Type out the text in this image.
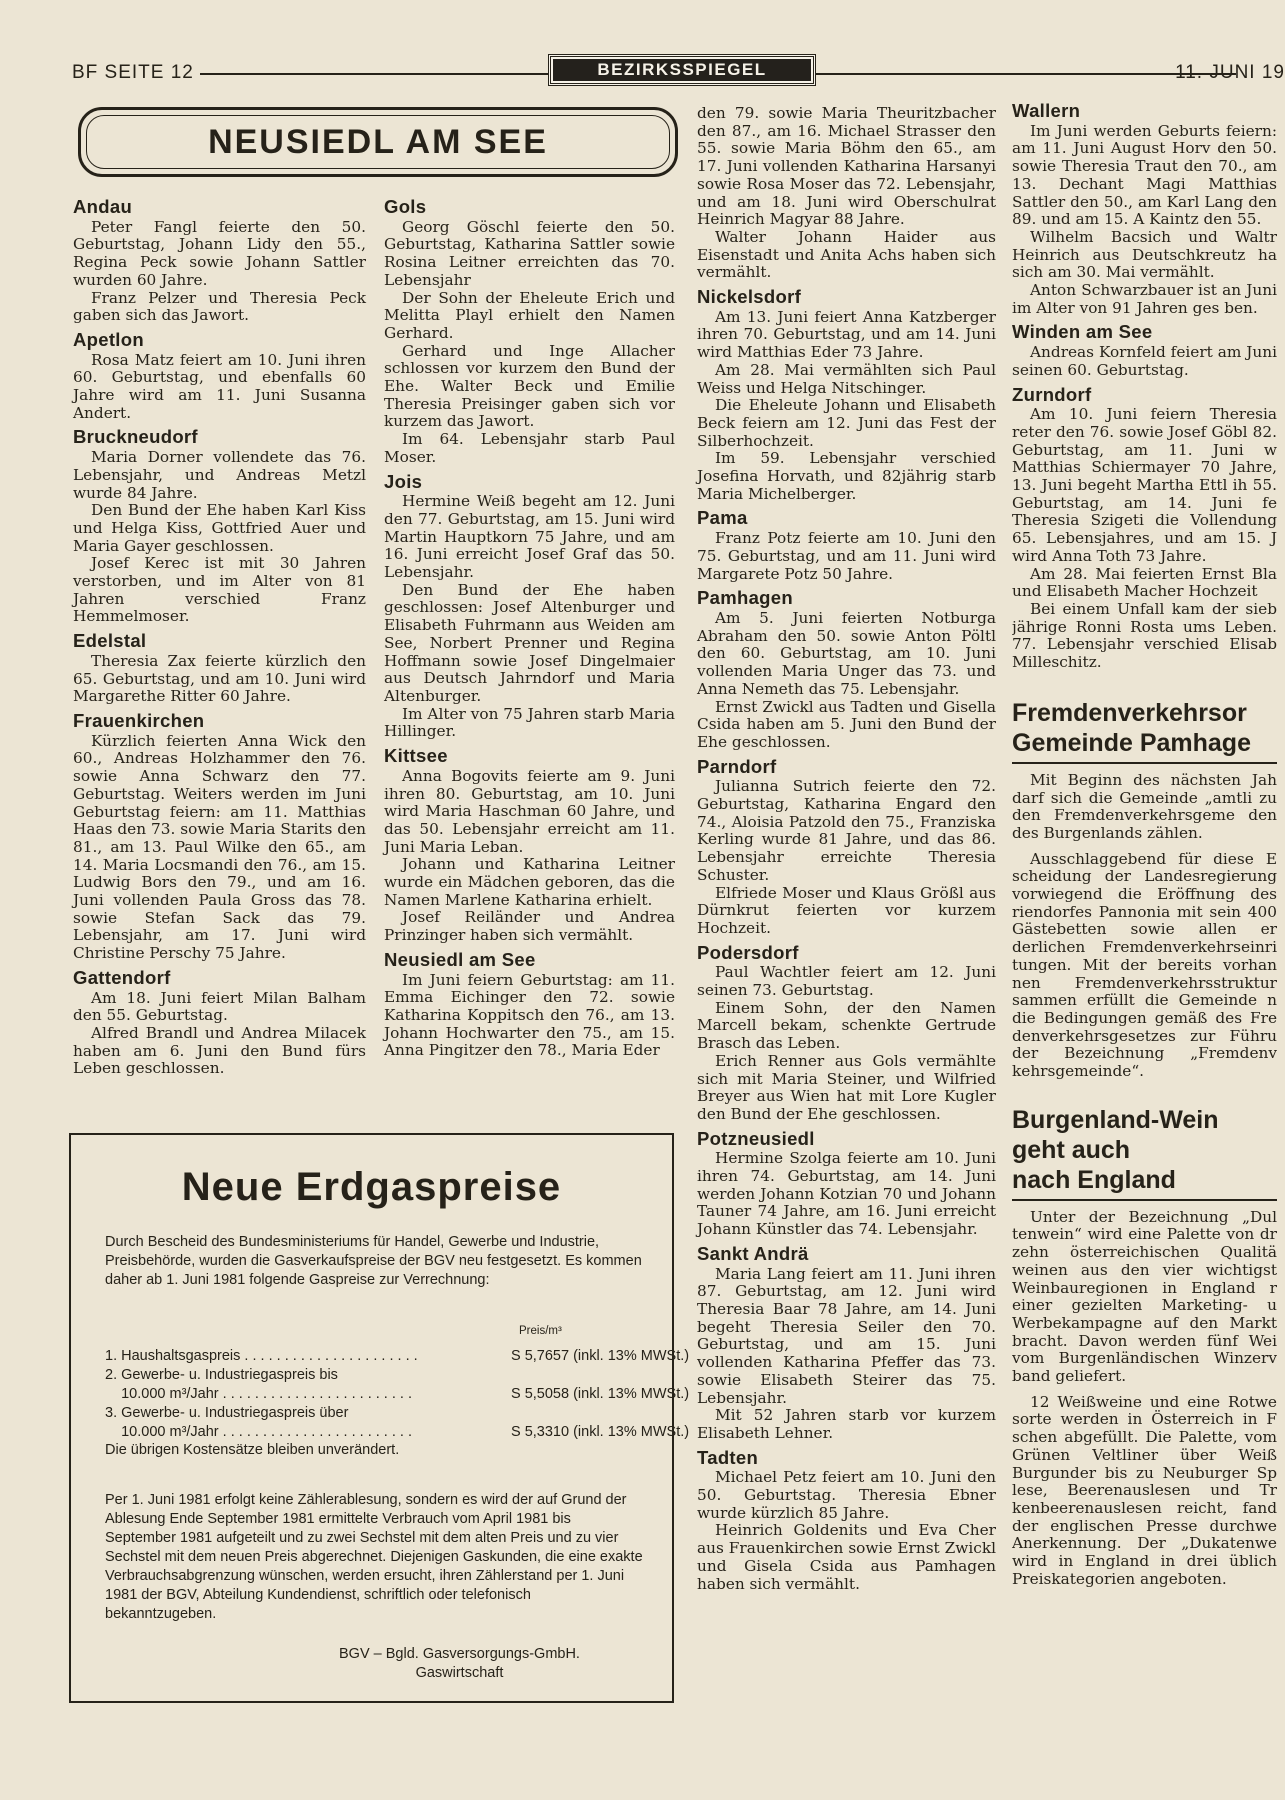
BF SEITE 12	BEZIRKSSPIEGEL	11. JUNI 19
NEUSIEDL AM SEE
Andau

Peter Fangl feierte den 50. Geburtstag, Johann Lidy den 55., Regina Peck sowie Johann Sattler wurden 60 Jahre.

Franz Pelzer und Theresia Peck gaben sich das Jawort.

Apetlon

Rosa Matz feiert am 10. Juni ihren 60. Geburtstag, und ebenfalls 60 Jahre wird am 11. Juni Susanna Andert.

Bruckneudorf

Maria Dorner vollendete das 76. Lebensjahr, und Andreas Metzl wurde 84 Jahre.

Den Bund der Ehe haben Karl Kiss und Helga Kiss, Gottfried Auer und Maria Gayer geschlossen.

Josef Kerec ist mit 30 Jahren verstorben, und im Alter von 81 Jahren verschied Franz Hemmelmoser.

Edelstal

Theresia Zax feierte kürzlich den 65. Geburtstag, und am 10. Juni wird Margarethe Ritter 60 Jahre.

Frauenkirchen

Kürzlich feierten Anna Wick den 60., Andreas Holzhammer den 76. sowie Anna Schwarz den 77. Geburtstag. Weiters werden im Juni Geburtstag feiern: am 11. Matthias Haas den 73. sowie Maria Starits den 81., am 13. Paul Wilke den 65., am 14. Maria Locsmandi den 76., am 15. Ludwig Bors den 79., und am 16. Juni vollenden Paula Gross das 78. sowie Stefan Sack das 79. Lebensjahr, am 17. Juni wird Christine Perschy 75 Jahre.

Gattendorf

Am 18. Juni feiert Milan Balham den 55. Geburtstag.

Alfred Brandl und Andrea Milacek haben am 6. Juni den Bund fürs Leben geschlossen.

Gols

Georg Göschl feierte den 50. Geburtstag, Katharina Sattler sowie Rosina Leitner erreichten das 70. Lebensjahr

Der Sohn der Eheleute Erich und Melitta Playl erhielt den Namen Gerhard.

Gerhard und Inge Allacher schlossen vor kurzem den Bund der Ehe. Walter Beck und Emilie Theresia Preisinger gaben sich vor kurzem das Jawort.

Im 64. Lebensjahr starb Paul Moser.

Jois

Hermine Weiß begeht am 12. Juni den 77. Geburtstag, am 15. Juni wird Martin Hauptkorn 75 Jahre, und am 16. Juni erreicht Josef Graf das 50. Lebensjahr.

Den Bund der Ehe haben geschlossen: Josef Altenburger und Elisabeth Fuhrmann aus Weiden am See, Norbert Prenner und Regina Hoffmann sowie Josef Dingelmaier aus Deutsch Jahrndorf und Maria Altenburger.

Im Alter von 75 Jahren starb Maria Hillinger.

Kittsee

Anna Bogovits feierte am 9. Juni ihren 80. Geburtstag, am 10. Juni wird Maria Haschman 60 Jahre, und das 50. Lebensjahr erreicht am 11. Juni Maria Leban.

Johann und Katharina Leitner wurde ein Mädchen geboren, das die Namen Marlene Katharina erhielt.

Josef Reiländer und Andrea Prinzinger haben sich vermählt.

Neusiedl am See

Im Juni feiern Geburtstag: am 11. Emma Eichinger den 72. sowie Katharina Koppitsch den 76., am 13. Johann Hochwarter den 75., am 15. Anna Pingitzer den 78., Maria Eder

den 79. sowie Maria Theuritzbacher den 87., am 16. Michael Strasser den 55. sowie Maria Böhm den 65., am 17. Juni vollenden Katharina Harsanyi sowie Rosa Moser das 72. Lebensjahr, und am 18. Juni wird Oberschulrat Heinrich Magyar 88 Jahre.

Walter Johann Haider aus Eisenstadt und Anita Achs haben sich vermählt.

Nickelsdorf

Am 13. Juni feiert Anna Katzberger ihren 70. Geburtstag, und am 14. Juni wird Matthias Eder 73 Jahre.

Am 28. Mai vermählten sich Paul Weiss und Helga Nitschinger.

Die Eheleute Johann und Elisabeth Beck feiern am 12. Juni das Fest der Silberhochzeit.

Im 59. Lebensjahr verschied Josefina Horvath, und 82jährig starb Maria Michelberger.

Pama

Franz Potz feierte am 10. Juni den 75. Geburtstag, und am 11. Juni wird Margarete Potz 50 Jahre.

Pamhagen

Am 5. Juni feierten Notburga Abraham den 50. sowie Anton Pöltl den 60. Geburtstag, am 10. Juni vollenden Maria Unger das 73. und Anna Nemeth das 75. Lebensjahr.

Ernst Zwickl aus Tadten und Gisella Csida haben am 5. Juni den Bund der Ehe geschlossen.

Parndorf

Julianna Sutrich feierte den 72. Geburtstag, Katharina Engard den 74., Aloisia Patzold den 75., Franziska Kerling wurde 81 Jahre, und das 86. Lebensjahr erreichte Theresia Schuster.

Elfriede Moser und Klaus Größl aus Dürnkrut feierten vor kurzem Hochzeit.

Podersdorf

Paul Wachtler feiert am 12. Juni seinen 73. Geburtstag.

Einem Sohn, der den Namen Marcell bekam, schenkte Gertrude Brasch das Leben.

Erich Renner aus Gols vermählte sich mit Maria Steiner, und Wilfried Breyer aus Wien hat mit Lore Kugler den Bund der Ehe geschlossen.

Potzneusiedl

Hermine Szolga feierte am 10. Juni ihren 74. Geburtstag, am 14. Juni werden Johann Kotzian 70 und Johann Tauner 74 Jahre, am 16. Juni erreicht Johann Künstler das 74. Lebensjahr.

Sankt Andrä

Maria Lang feiert am 11. Juni ihren 87. Geburtstag, am 12. Juni wird Theresia Baar 78 Jahre, am 14. Juni begeht Theresia Seiler den 70. Geburtstag, und am 15. Juni vollenden Katharina Pfeffer das 73. sowie Elisabeth Steirer das 75. Lebensjahr.

Mit 52 Jahren starb vor kurzem Elisabeth Lehner.

Tadten

Michael Petz feiert am 10. Juni den 50. Geburtstag. Theresia Ebner wurde kürzlich 85 Jahre.

Heinrich Goldenits und Eva Cher aus Frauenkirchen sowie Ernst Zwickl und Gisela Csida aus Pamhagen haben sich vermählt.

Wallern

Im Juni werden Geburts feiern: am 11. Juni August Horv den 50. sowie Theresia Traut den 70., am 13. Dechant Magi Matthias Sattler den 50., am Karl Lang den 89. und am 15. A Kaintz den 55.

Wilhelm Bacsich und Waltr Heinrich aus Deutschkreutz ha sich am 30. Mai vermählt.

Anton Schwarzbauer ist an Juni im Alter von 91 Jahren ges ben.

Winden am See

Andreas Kornfeld feiert am Juni seinen 60. Geburtstag.

Zurndorf

Am 10. Juni feiern Theresia reter den 76. sowie Josef Göbl 82. Geburtstag, am 11. Juni w Matthias Schiermayer 70 Jahre, 13. Juni begeht Martha Ettl ih 55. Geburtstag, am 14. Juni fe Theresia Szigeti die Vollendung 65. Lebensjahres, und am 15. J wird Anna Toth 73 Jahre.

Am 28. Mai feierten Ernst Bla und Elisabeth Macher Hochzeit

Bei einem Unfall kam der sieb jährige Ronni Rosta ums Leben. 77. Lebensjahr verschied Elisab Milleschitz.

Fremdenverkehrsor
Gemeinde Pamhage

Mit Beginn des nächsten Jah darf sich die Gemeinde „amtli zu den Fremdenverkehrsgeme den des Burgenlands zählen.

Ausschlaggebend für diese E scheidung der Landesregierung vorwiegend die Eröffnung des riendorfes Pannonia mit sein 400 Gästebetten sowie allen er derlichen Fremdenverkehrseinri tungen. Mit der bereits vorhan nen Fremdenverkehrsstruktur sammen erfüllt die Gemeinde n die Bedingungen gemäß des Fre denverkehrsgesetzes zur Führu der Bezeichnung „Fremdenv kehrsgemeinde“.

Burgenland-Wein
geht auch
nach England

Unter der Bezeichnung „Dul tenwein“ wird eine Palette von dr zehn österreichischen Qualitä weinen aus den vier wichtigst Weinbauregionen in England r einer gezielten Marketing- u Werbekampagne auf den Markt bracht. Davon werden fünf Wei vom Burgenländischen Winzerv band geliefert.

12 Weißweine und eine Rotwe sorte werden in Österreich in F schen abgefüllt. Die Palette, vom Grünen Veltliner über Weiß Burgunder bis zu Neuburger Sp lese, Beerenauslesen und Tr kenbeerenauslesen reicht, fand der englischen Presse durchwe Anerkennung. Der „Dukatenwe wird in England in drei üblich Preiskategorien angeboten.

Neue Erdgaspreise

Durch Bescheid des Bundesministeriums für Handel, Gewerbe und Industrie, Preisbehörde, wurden die Gasverkaufspreise der BGV neu festgesetzt. Es kommen daher ab 1. Juni 1981 folgende Gaspreise zur Verrechnung:

Preis/m³
1. Haushaltsgaspreis . . . . . . . . . . . . . . . . . . . . . .	S 5,7657 (inkl. 13% MWSt.)
2. Gewerbe- u. Industriegaspreis bis
10.000 m³/Jahr . . . . . . . . . . . . . . . . . . . . . . . .	S 5,5058 (inkl. 13% MWSt.)
3. Gewerbe- u. Industriegaspreis über
10.000 m³/Jahr . . . . . . . . . . . . . . . . . . . . . . . .	S 5,3310 (inkl. 13% MWSt.)

Die übrigen Kostensätze bleiben unverändert.

Per 1. Juni 1981 erfolgt keine Zählerablesung, sondern es wird der auf Grund der Ablesung Ende September 1981 ermittelte Verbrauch vom April 1981 bis September 1981 aufgeteilt und zu zwei Sechstel mit dem alten Preis und zu vier Sechstel mit dem neuen Preis abgerechnet. Diejenigen Gaskunden, die eine exakte Verbrauchsabgrenzung wünschen, werden ersucht, ihren Zählerstand per 1. Juni 1981 der BGV, Abteilung Kundendienst, schriftlich oder telefonisch bekanntzugeben.

BGV – Bgld. Gasversorgungs-GmbH.
Gaswirtschaft
